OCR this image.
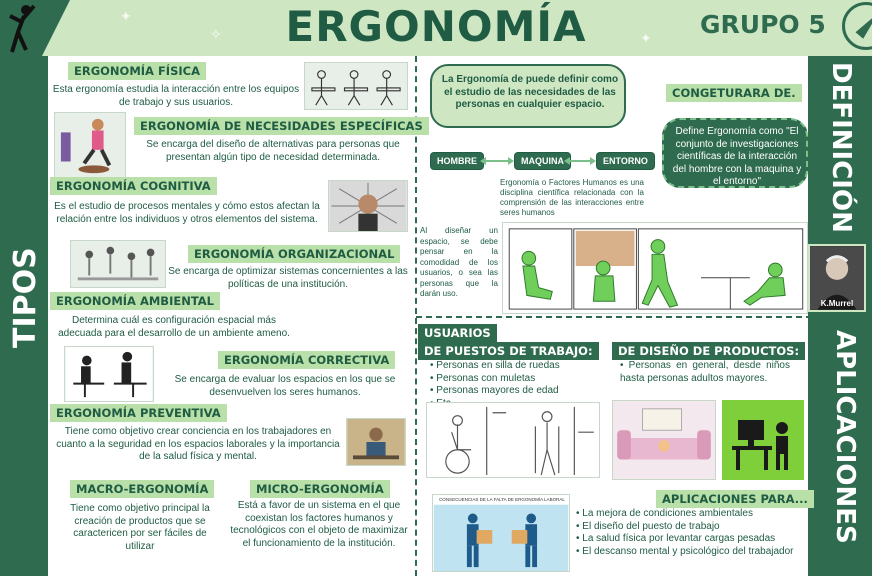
✦
✧	✦
ERGONOMÍA	GRUPO 5
TIPOS
DEFINICIÓN
APLICACIONES
ERGONOMÍA FÍSICA
Esta ergonomía estudia la interacción entre los equipos de trabajo y sus usuarios.
ERGONOMÍA DE NECESIDADES ESPECÍFICAS
Se encarga del diseño de alternativas para personas que presentan algún tipo de necesidad determinada.
ERGONOMÍA COGNITIVA
Es el estudio de procesos mentales y cómo estos afectan la relación entre los individuos y otros elementos del sistema.
ERGONOMÍA ORGANIZACIONAL
Se encarga de optimizar sistemas concernientes a las políticas de una institución.
ERGONOMÍA AMBIENTAL
Determina cuál es configuración espacial más adecuada para el desarrollo de un ambiente ameno.
ERGONOMÍA CORRECTIVA
Se encarga de evaluar los espacios en los que se desenvuelven los seres humanos.
ERGONOMÍA PREVENTIVA
Tiene como objetivo crear conciencia en los trabajadores en cuanto a la seguridad en los espacios laborales y la importancia de la salud física y mental.
MACRO-ERGONOMÍA
Tiene como objetivo principal la creación de productos que se caractericen por ser fáciles de utilizar
MICRO-ERGONOMÍA
Está a favor de un sistema en el que coexistan los factores humanos y tecnológicos con el objeto de maximizar el funcionamiento de la institución.
La Ergonomía de puede definir como el estudio de las necesidades de las personas en cualquier espacio.
CONGETURARA DE.
Define Ergonomía como "El conjunto de investigaciones científicas de la interacción del hombre con la maquina y el entorno"
HOMBRE	MAQUINA	ENTORNO
Ergonomía o Factores Humanos es una disciplina científica relacionada con la comprensión de las interacciones entre seres humanos
Al diseñar un espacio, se debe pensar en la comodidad de los usuarios, o sea las personas que la darán uso.
K.Murrel
USUARIOS
DE PUESTOS DE TRABAJO:
• Personas en silla de ruedas
• Personas con muletas
• Personas mayores de edad
•
DE DISEÑO DE PRODUCTOS:
• Personas en general, desde niños hasta personas adultos mayores.
APLICACIONES PARA...
• La mejora de condiciones ambientales
• El diseño del puesto de trabajo
• La salud física por levantar cargas pesadas
• El descanso mental y psicológico del trabajador
CONSECUENCIAS DE LA FALTA DE ERGONOMÍA LABORAL
